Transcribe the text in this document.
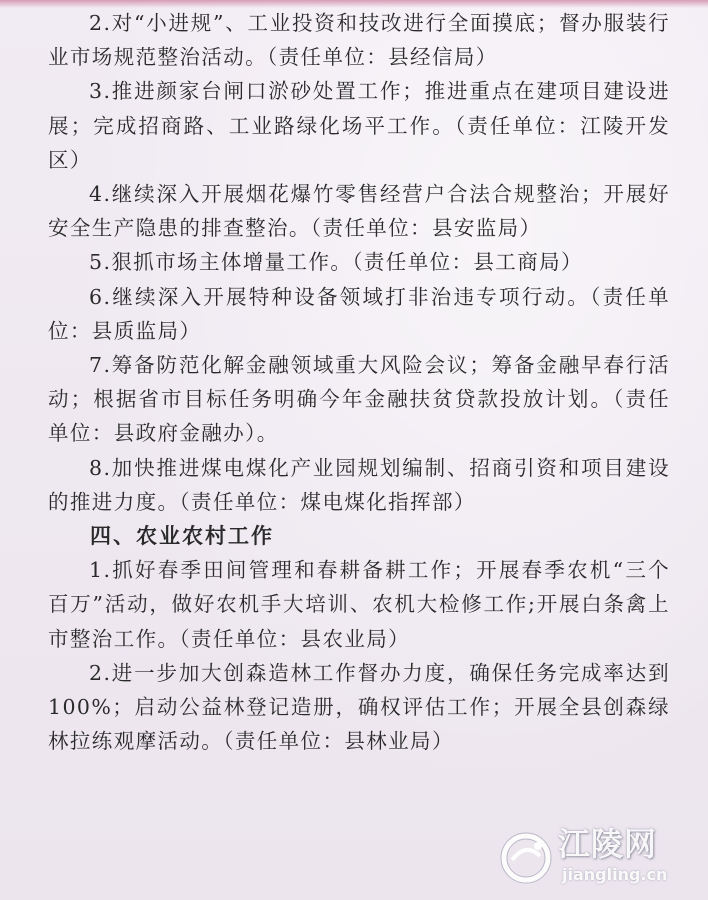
2.对“小进规”、工业投资和技改进行全面摸底；督办服装行业市场规范整治活动。（责任单位：县经信局）

3.推进颜家台闸口淤砂处置工作；推进重点在建项目建设进展；完成招商路、工业路绿化场平工作。（责任单位：江陵开发区）

4.继续深入开展烟花爆竹零售经营户合法合规整治；开展好安全生产隐患的排查整治。（责任单位：县安监局）

5.狠抓市场主体增量工作。（责任单位：县工商局）

6.继续深入开展特种设备领域打非治违专项行动。（责任单位：县质监局）

7.筹备防范化解金融领域重大风险会议；筹备金融早春行活动；根据省市目标任务明确今年金融扶贫贷款投放计划。（责任单位：县政府金融办）。

8.加快推进煤电煤化产业园规划编制、招商引资和项目建设的推进力度。（责任单位：煤电煤化指挥部）

四、农业农村工作

1.抓好春季田间管理和春耕备耕工作；开展春季农机“三个百万”活动，做好农机手大培训、农机大检修工作;开展白条禽上市整治工作。（责任单位：县农业局）

2.进一步加大创森造林工作督办力度，确保任务完成率达到100%；启动公益林登记造册，确权评估工作；开展全县创森绿林拉练观摩活动。（责任单位：县林业局）

江陵网
jiangling.cn
